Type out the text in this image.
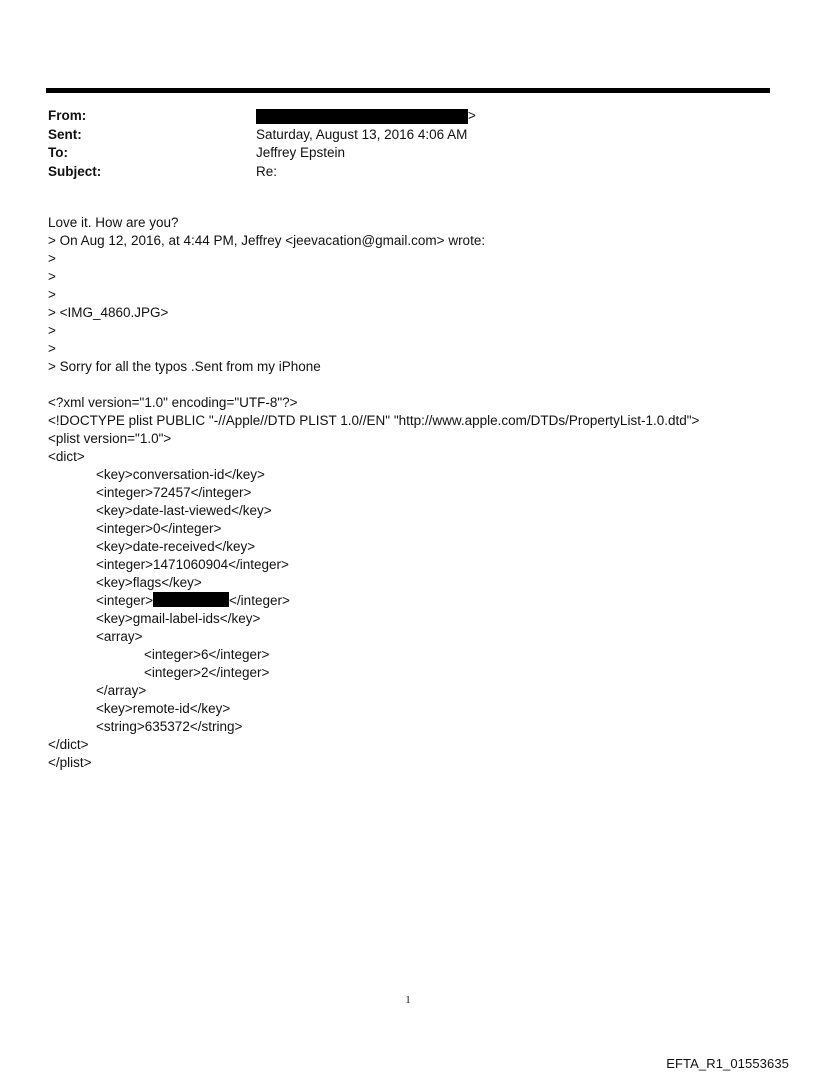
From:	>
Sent:	Saturday, August 13, 2016 4:06 AM
To:	Jeffrey Epstein
Subject:	Re:
Love it. How are you?
> On Aug 12, 2016, at 4:44 PM, Jeffrey <jeevacation@gmail.com> wrote:
>
>
>
> <IMG_4860.JPG>
>
>
> Sorry for all the typos .Sent from my iPhone
<?xml version="1.0" encoding="UTF-8"?>
<!DOCTYPE plist PUBLIC "-//Apple//DTD PLIST 1.0//EN" "http://www.apple.com/DTDs/PropertyList-1.0.dtd">
<plist version="1.0">
<dict>
<key>conversation-id</key>
<integer>72457</integer>
<key>date-last-viewed</key>
<integer>0</integer>
<key>date-received</key>
<integer>1471060904</integer>
<key>flags</key>
<integer>	</integer>
<key>gmail-label-ids</key>
<array>
<integer>6</integer>
<integer>2</integer>
</array>
<key>remote-id</key>
<string>635372</string>
</dict>
</plist>
1
EFTA_R1_01553635
